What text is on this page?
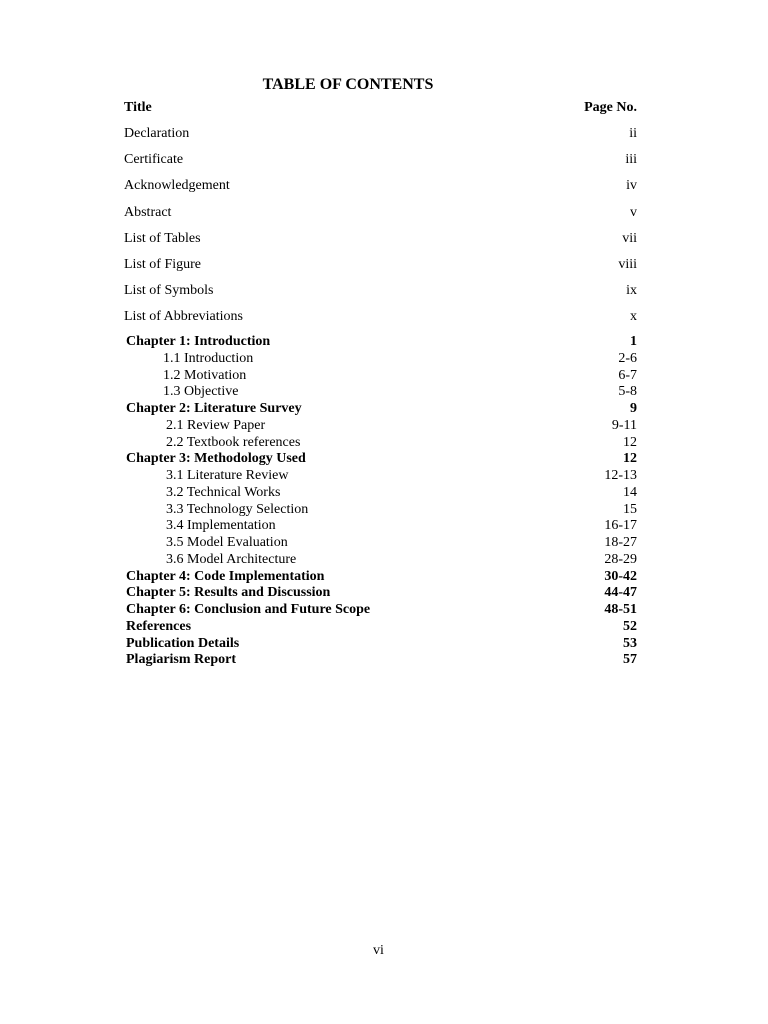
TABLE OF CONTENTS
Title	Page No.
Declaration	ii
Certificate	iii
Acknowledgement	iv
Abstract	v
List of Tables	vii
List of Figure	viii
List of Symbols	ix
List of Abbreviations	x
Chapter 1: Introduction	1
1.1 Introduction	2-6
1.2 Motivation	6-7
1.3 Objective	5-8
Chapter 2: Literature Survey	9
2.1 Review Paper	9-11
2.2 Textbook references	12
Chapter 3: Methodology Used	12
3.1 Literature Review	12-13
3.2 Technical Works	14
3.3 Technology Selection	15
3.4 Implementation	16-17
3.5 Model Evaluation	18-27
3.6 Model Architecture	28-29
Chapter 4: Code Implementation	30-42
Chapter 5: Results and Discussion	44-47
Chapter 6: Conclusion and Future Scope	48-51
References	52
Publication Details	53
Plagiarism Report	57
vi
